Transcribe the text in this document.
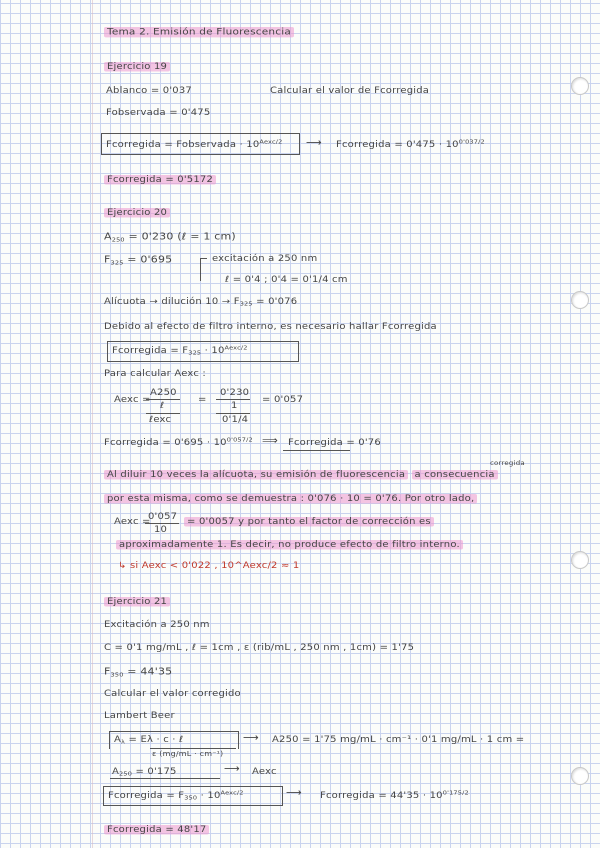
Tema 2. Emisión de Fluorescencia
Ejercicio 19
Ablanco = 0'037	Calcular el valor de Fcorregida
Fobservada = 0'475
Fcorregida = Fobservada · $10^{Aexc/2}$ ⟶ Fcorregida = $0'475 \cdot 10^{0'037/2}$
Fcorregida = 0'5172
Ejercicio 20
A250 = 0'230 (ℓ = 1 cm)
F325 = 0'695	excitación a 250 nm
ℓ = 0'4 ; 0'4 = 0'1/4 cm
Alícuota → dilución $10 \to F_{325} = 0'076$
Debido al efecto de filtro interno, es necesario hallar Fcorregida
Fcorregida = $F_{325} \cdot 10^{Aexc/2}$
Para calcular Aexc :
Aexc =
A250
ℓ
ℓexc
=
0'230
1
0'1/4
= 0'057
Fcorregida = $0'695 \cdot 10^{0'057/2}$ ⟹ Fcorregida = 0'76
Al diluir 10 veces la alícuota, su emisión de fluorescencia a consecuencia
corregida
por esta misma, como se demuestra : 0'076 · 10 = 0'76. Por otro lado,
Aexc =
0'057
10
= 0'0057 y por tanto el factor de corrección es
aproximadamente 1. Es decir, no produce efecto de filtro interno.
↳ si Aexc < 0'022 , 10^Aexc/2 ≈ 1
Ejercicio 21
Excitación a 250 nm
C = 0'1 mg/mL , ℓ = 1cm , ε (rib/mL , 250 nm , 1cm) = 1'75
F350 = 44'35
Calcular el valor corregido
Lambert Beer
$A_\lambda = E\lambda \cdot c$ · ℓ
ε (mg/mL · cm⁻¹)
⟶ A250 = 1'75 mg/mL · cm⁻¹ · 0'1 mg/mL · 1 cm =
$A_{250} = 0'175$	⟶ Aexc
Fcorregida = $F_{350} \cdot 10^{Aexc/2}$	⟶ Fcorregida = $44'35 \cdot 10^{0'175/2}$
Fcorregida = 48'17
